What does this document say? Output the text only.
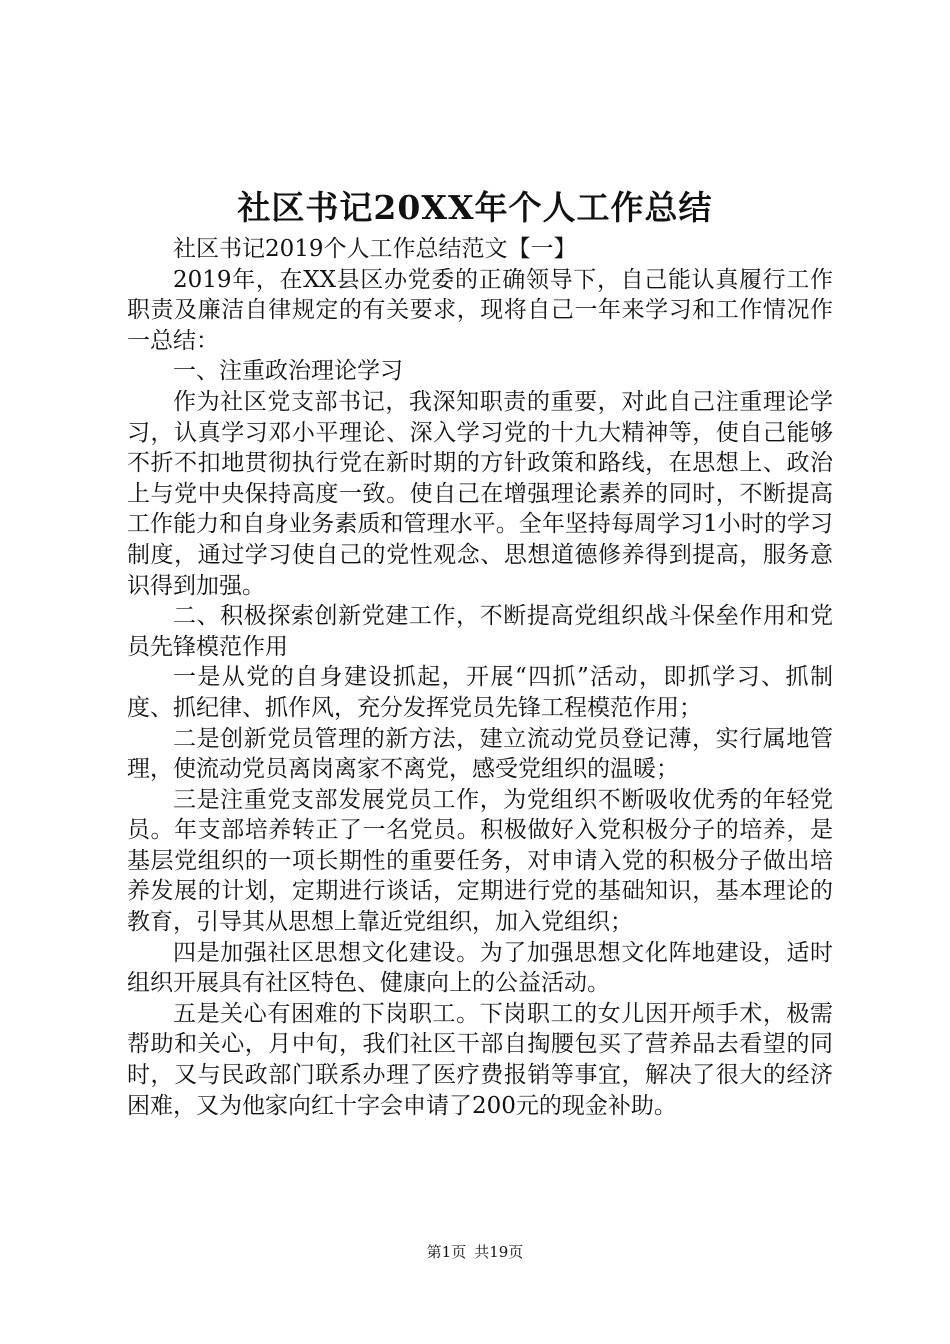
社区书记20XX年个人工作总结

社区书记2019个人工作总结范文【一】

2019年，在XX县区办党委的正确领导下，自己能认真履行工作职责及廉洁自律规定的有关要求，现将自己一年来学习和工作情况作一总结：

一、注重政治理论学习

作为社区党支部书记，我深知职责的重要，对此自己注重理论学习，认真学习邓小平理论、深入学习党的十九大精神等，使自己能够不折不扣地贯彻执行党在新时期的方针政策和路线，在思想上、政治上与党中央保持高度一致。使自己在增强理论素养的同时，不断提高工作能力和自身业务素质和管理水平。全年坚持每周学习1小时的学习制度，通过学习使自己的党性观念、思想道德修养得到提高，服务意识得到加强。

二、积极探索创新党建工作，不断提高党组织战斗保垒作用和党员先锋模范作用

一是从党的自身建设抓起，开展“四抓”活动，即抓学习、抓制度、抓纪律、抓作风，充分发挥党员先锋工程模范作用；

二是创新党员管理的新方法，建立流动党员登记薄，实行属地管理，使流动党员离岗离家不离党，感受党组织的温暖；

三是注重党支部发展党员工作，为党组织不断吸收优秀的年轻党员。年支部培养转正了一名党员。积极做好入党积极分子的培养，是基层党组织的一项长期性的重要任务，对申请入党的积极分子做出培养发展的计划，定期进行谈话，定期进行党的基础知识，基本理论的教育，引导其从思想上靠近党组织，加入党组织；

四是加强社区思想文化建设。为了加强思想文化阵地建设，适时组织开展具有社区特色、健康向上的公益活动。

五是关心有困难的下岗职工。下岗职工的女儿因开颅手术，极需帮助和关心，月中旬，我们社区干部自掏腰包买了营养品去看望的同时，又与民政部门联系办理了医疗费报销等事宜，解决了很大的经济困难，又为他家向红十字会申请了200元的现金补助。

第1页 共19页
